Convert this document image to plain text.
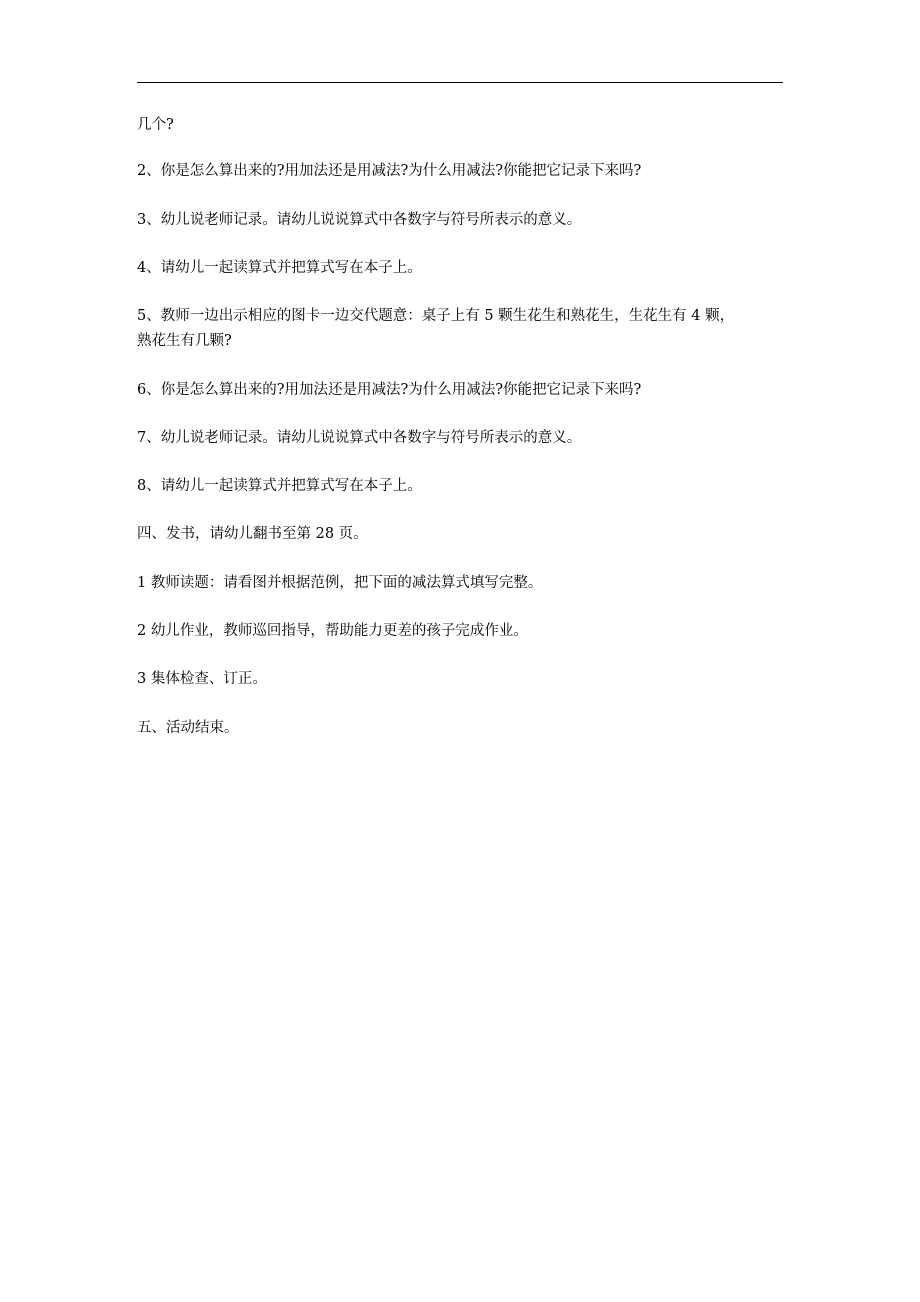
几个?
2、你是怎么算出来的?用加法还是用减法?为什么用减法?你能把它记录下来吗?
3、幼儿说老师记录。请幼儿说说算式中各数字与符号所表示的意义。
4、请幼儿一起读算式并把算式写在本子上。
5、教师一边出示相应的图卡一边交代题意：桌子上有 5 颗生花生和熟花生，生花生有 4 颗，
熟花生有几颗?
6、你是怎么算出来的?用加法还是用减法?为什么用减法?你能把它记录下来吗?
7、幼儿说老师记录。请幼儿说说算式中各数字与符号所表示的意义。
8、请幼儿一起读算式并把算式写在本子上。
四、发书，请幼儿翻书至第 28 页。
1 教师读题：请看图并根据范例，把下面的减法算式填写完整。
2 幼儿作业，教师巡回指导，帮助能力更差的孩子完成作业。
3 集体检查、订正。
五、活动结束。
